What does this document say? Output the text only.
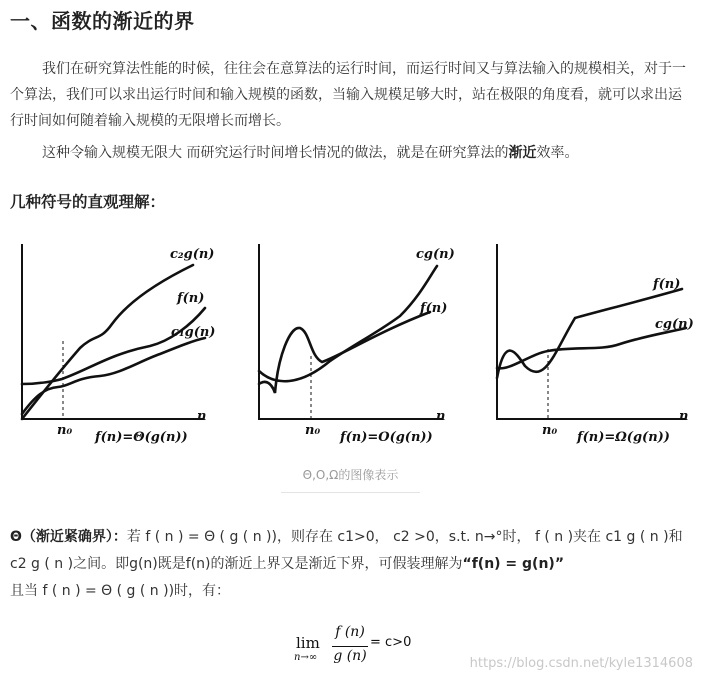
一、函数的渐近的界
我们在研究算法性能的时候，往往会在意算法的运行时间，而运行时间又与算法输入的规模相关，对于一个算法，我们可以求出运行时间和输入规模的函数，当输入规模足够大时，站在极限的角度看，就可以求出运行时间如何随着输入规模的无限增长而增长。
这种令输入规模无限大 而研究运行时间增长情况的做法，就是在研究算法的渐近效率。
几种符号的直观理解：
c₂g(n)
f(n)
c₁g(n)
n
n₀ f(n)=Θ(g(n))
cg(n)
f(n)
n
n₀ f(n)=O(g(n))
f(n)
cg(n)
n
n₀ f(n)=Ω(g(n))
Θ,O,Ω的图像表示
Θ（渐近紧确界）：若 f ( n ) = Θ ( g ( n ))，则存在 c1>0， c2 >0，s.t. n→°时， f ( n )夹在 c1 g ( n )和 c2 g ( n )之间。即g(n)既是f(n)的渐近上界又是渐近下界，可假装理解为“f(n) = g(n)”
且当 f ( n ) = Θ ( g ( n ))时，有：
lim
n→∞
f (n)
g (n)
= c>0
https://blog.csdn.net/kyle1314608
